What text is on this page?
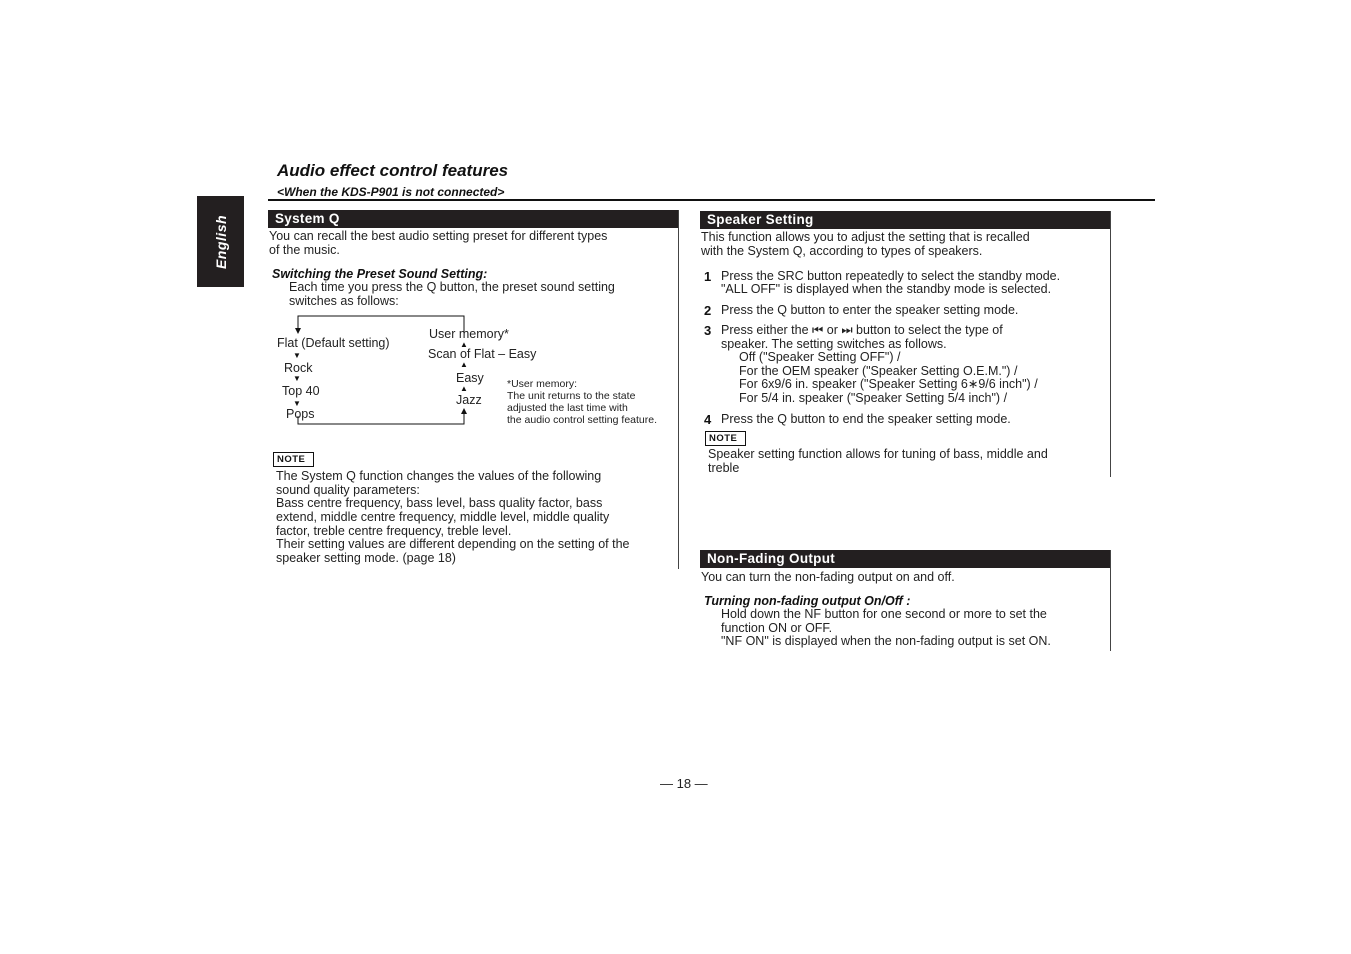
English
Audio effect control features
<When the KDS-P901 is not connected>
System Q
You can recall the best audio setting preset for different types
of the music.
Switching the Preset Sound Setting:
Each time you press the Q button, the preset sound setting
switches as follows:
Flat (Default setting)
▼
Rock
▼
Top 40
▼
Pops
User memory*
▲
Scan of Flat – Easy
▲
Easy
▲
Jazz
*User memory:
The unit returns to the state
adjusted the last time with
the audio control setting feature.
NOTE
The System Q function changes the values of the following
sound quality parameters:
Bass centre frequency, bass level, bass quality factor, bass
extend, middle centre frequency, middle level, middle quality
factor, treble centre frequency, treble level.
Their setting values are different depending on the setting of the
speaker setting mode. (page 18)
Speaker Setting
This function allows you to adjust the setting that is recalled
with the System Q, according to types of speakers.
1 Press the SRC button repeatedly to select the standby mode.
"ALL OFF" is displayed when the standby mode is selected.
2 Press the Q button to enter the speaker setting mode.
3 Press either the ⏮ or ⏭ button to select the type of
speaker. The setting switches as follows.
Off ("Speaker Setting OFF") /
For the OEM speaker ("Speaker Setting O.E.M.") /
For 6x9/6 in. speaker ("Speaker Setting 6∗9/6 inch") /
For 5/4 in. speaker ("Speaker Setting 5/4 inch") /
4 Press the Q button to end the speaker setting mode.
NOTE
Speaker setting function allows for tuning of bass, middle and
treble
Non-Fading Output
You can turn the non-fading output on and off.
Turning non-fading output On/Off :
Hold down the NF button for one second or more to set the
function ON or OFF.
"NF ON" is displayed when the non-fading output is set ON.
— 18 —
